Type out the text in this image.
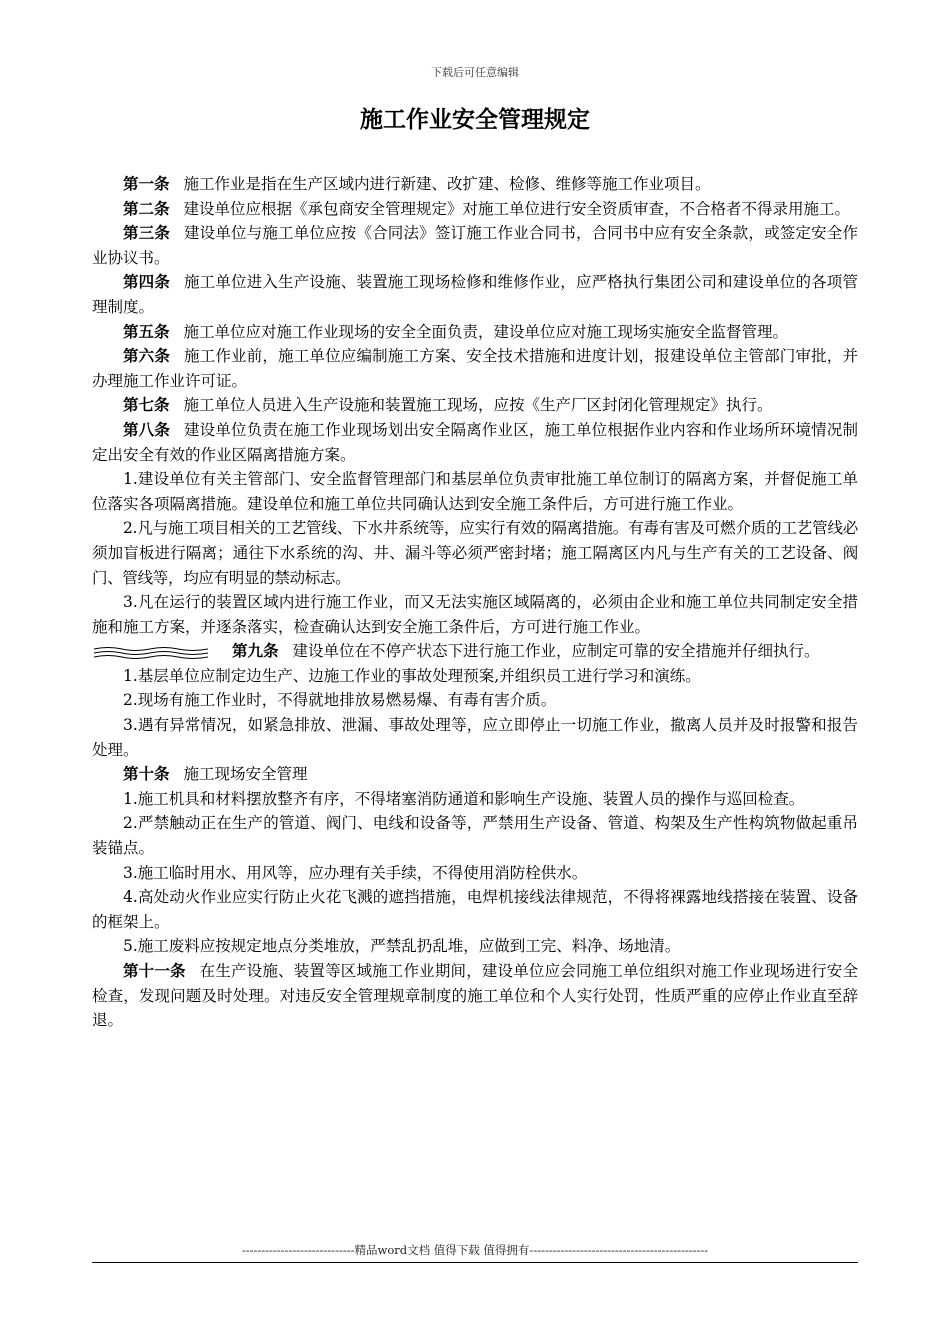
下载后可任意编辑
施工作业安全管理规定

第一条 施工作业是指在生产区域内进行新建、改扩建、检修、维修等施工作业项目。

第二条 建设单位应根据《承包商安全管理规定》对施工单位进行安全资质审查，不合格者不得录用施工。

第三条 建设单位与施工单位应按《合同法》签订施工作业合同书，合同书中应有安全条款，或签定安全作业协议书。

第四条 施工单位进入生产设施、装置施工现场检修和维修作业，应严格执行集团公司和建设单位的各项管理制度。

第五条 施工单位应对施工作业现场的安全全面负责，建设单位应对施工现场实施安全监督管理。

第六条 施工作业前，施工单位应编制施工方案、安全技术措施和进度计划，报建设单位主管部门审批，并办理施工作业许可证。

第七条 施工单位人员进入生产设施和装置施工现场，应按《生产厂区封闭化管理规定》执行。

第八条 建设单位负责在施工作业现场划出安全隔离作业区，施工单位根据作业内容和作业场所环境情况制定出安全有效的作业区隔离措施方案。

1.建设单位有关主管部门、安全监督管理部门和基层单位负责审批施工单位制订的隔离方案，并督促施工单位落实各项隔离措施。建设单位和施工单位共同确认达到安全施工条件后，方可进行施工作业。

2.凡与施工项目相关的工艺管线、下水井系统等，应实行有效的隔离措施。有毒有害及可燃介质的工艺管线必须加盲板进行隔离；通往下水系统的沟、井、漏斗等必须严密封堵；施工隔离区内凡与生产有关的工艺设备、阀门、管线等，均应有明显的禁动标志。

3.凡在运行的装置区域内进行施工作业，而又无法实施区域隔离的，必须由企业和施工单位共同制定安全措施和施工方案，并逐条落实，检查确认达到安全施工条件后，方可进行施工作业。

第九条 建设单位在不停产状态下进行施工作业，应制定可靠的安全措施并仔细执行。

1.基层单位应制定边生产、边施工作业的事故处理预案,并组织员工进行学习和演练。

2.现场有施工作业时，不得就地排放易燃易爆、有毒有害介质。

3.遇有异常情况，如紧急排放、泄漏、事故处理等，应立即停止一切施工作业，撤离人员并及时报警和报告处理。

第十条 施工现场安全管理

1.施工机具和材料摆放整齐有序，不得堵塞消防通道和影响生产设施、装置人员的操作与巡回检查。

2.严禁触动正在生产的管道、阀门、电线和设备等，严禁用生产设备、管道、构架及生产性构筑物做起重吊装锚点。

3.施工临时用水、用风等，应办理有关手续，不得使用消防栓供水。

4.高处动火作业应实行防止火花飞溅的遮挡措施，电焊机接线法律规范，不得将裸露地线搭接在装置、设备的框架上。

5.施工废料应按规定地点分类堆放，严禁乱扔乱堆，应做到工完、料净、场地清。

第十一条 在生产设施、装置等区域施工作业期间，建设单位应会同施工单位组织对施工作业现场进行安全检查，发现问题及时处理。对违反安全管理规章制度的施工单位和个人实行处罚，性质严重的应停止作业直至辞退。

-----------------------------精品word文档 值得下载 值得拥有----------------------------------------------
